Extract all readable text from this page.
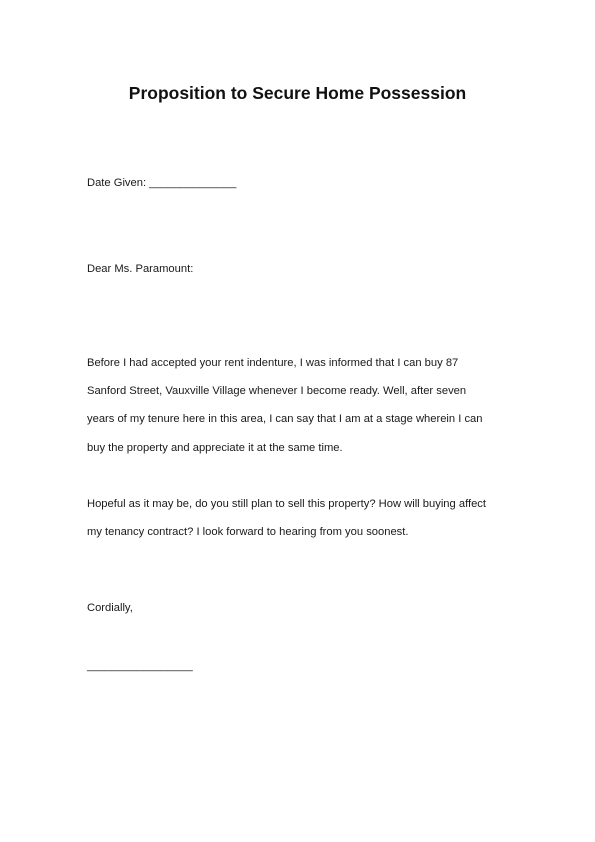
Proposition to Secure Home Possession

Date Given: ______________

Dear Ms. Paramount:

Before I had accepted your rent indenture, I was informed that I can buy 87
Sanford Street, Vauxville Village whenever I become ready. Well, after seven
years of my tenure here in this area, I can say that I am at a stage wherein I can
buy the property and appreciate it at the same time.

Hopeful as it may be, do you still plan to sell this property? How will buying affect
my tenancy contract? I look forward to hearing from you soonest.

Cordially,

_________________
